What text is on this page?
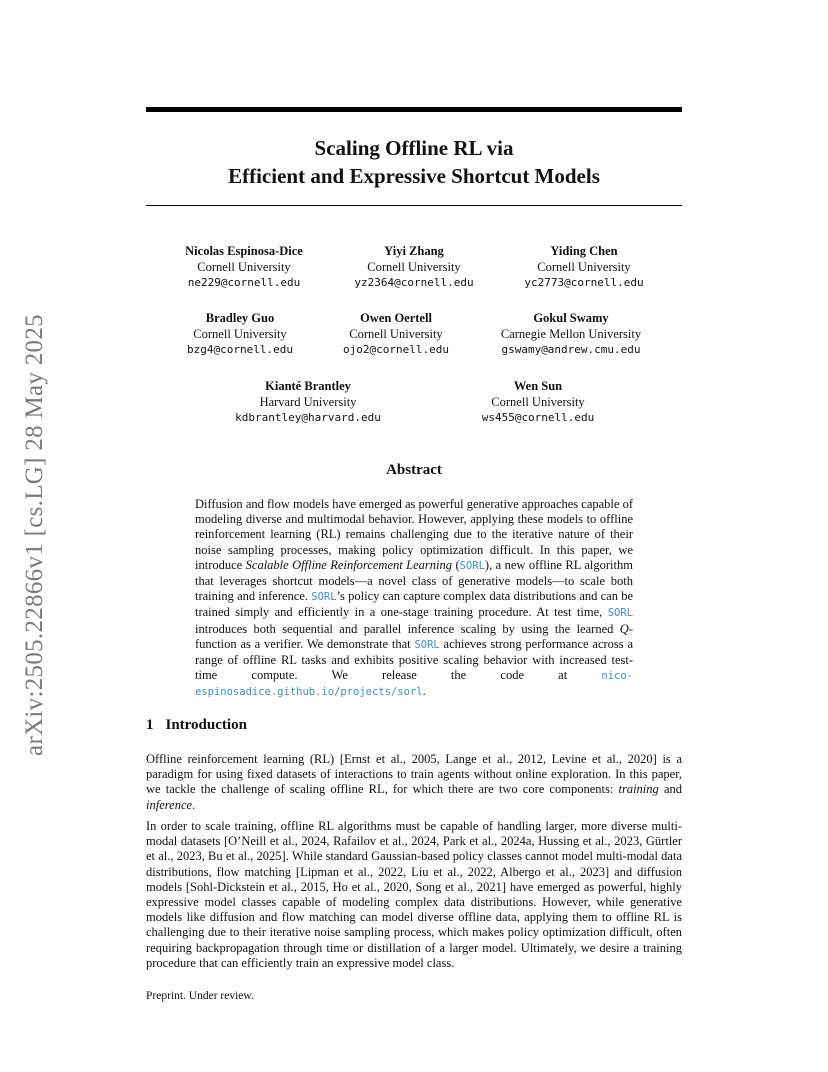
Scaling Offline RL via
Efficient and Expressive Shortcut Models
arXiv:2505.22866v1 [cs.LG] 28 May 2025
Nicolas Espinosa-Dice
Cornell University
ne229@cornell.edu
Yiyi Zhang
Cornell University
yz2364@cornell.edu
Yiding Chen
Cornell University
yc2773@cornell.edu
Bradley Guo
Cornell University
bzg4@cornell.edu
Owen Oertell
Cornell University
ojo2@cornell.edu
Gokul Swamy
Carnegie Mellon University
gswamy@andrew.cmu.edu
Kianté Brantley
Harvard University
kdbrantley@harvard.edu
Wen Sun
Cornell University
ws455@cornell.edu
Abstract
Diffusion and flow models have emerged as powerful generative approaches capable of modeling diverse and multimodal behavior. However, applying these models to offline reinforcement learning (RL) remains challenging due to the iterative nature of their noise sampling processes, making policy optimization difficult. In this paper, we introduce Scalable Offline Reinforcement Learning (SORL), a new offline RL algorithm that leverages shortcut models—a novel class of generative models—to scale both training and inference. SORL’s policy can capture complex data distributions and can be trained simply and efficiently in a one-stage training procedure. At test time, SORL introduces both sequential and parallel inference scaling by using the learned Q-function as a verifier. We demonstrate that SORL achieves strong performance across a range of offline RL tasks and exhibits positive scaling behavior with increased test-time compute. We release the code at nico-espinosadice.github.io/projects/sorl.
1 Introduction
Offline reinforcement learning (RL) [Ernst et al., 2005, Lange et al., 2012, Levine et al., 2020] is a paradigm for using fixed datasets of interactions to train agents without online exploration. In this paper, we tackle the challenge of scaling offline RL, for which there are two core components: training and inference.
In order to scale training, offline RL algorithms must be capable of handling larger, more diverse multi-modal datasets [O’Neill et al., 2024, Rafailov et al., 2024, Park et al., 2024a, Hussing et al., 2023, Gürtler et al., 2023, Bu et al., 2025]. While standard Gaussian-based policy classes cannot model multi-modal data distributions, flow matching [Lipman et al., 2022, Liu et al., 2022, Albergo et al., 2023] and diffusion models [Sohl-Dickstein et al., 2015, Ho et al., 2020, Song et al., 2021] have emerged as powerful, highly expressive model classes capable of modeling complex data distributions. However, while generative models like diffusion and flow matching can model diverse offline data, applying them to offline RL is challenging due to their iterative noise sampling process, which makes policy optimization difficult, often requiring backpropagation through time or distillation of a larger model. Ultimately, we desire a training procedure that can efficiently train an expressive model class.
Preprint. Under review.
